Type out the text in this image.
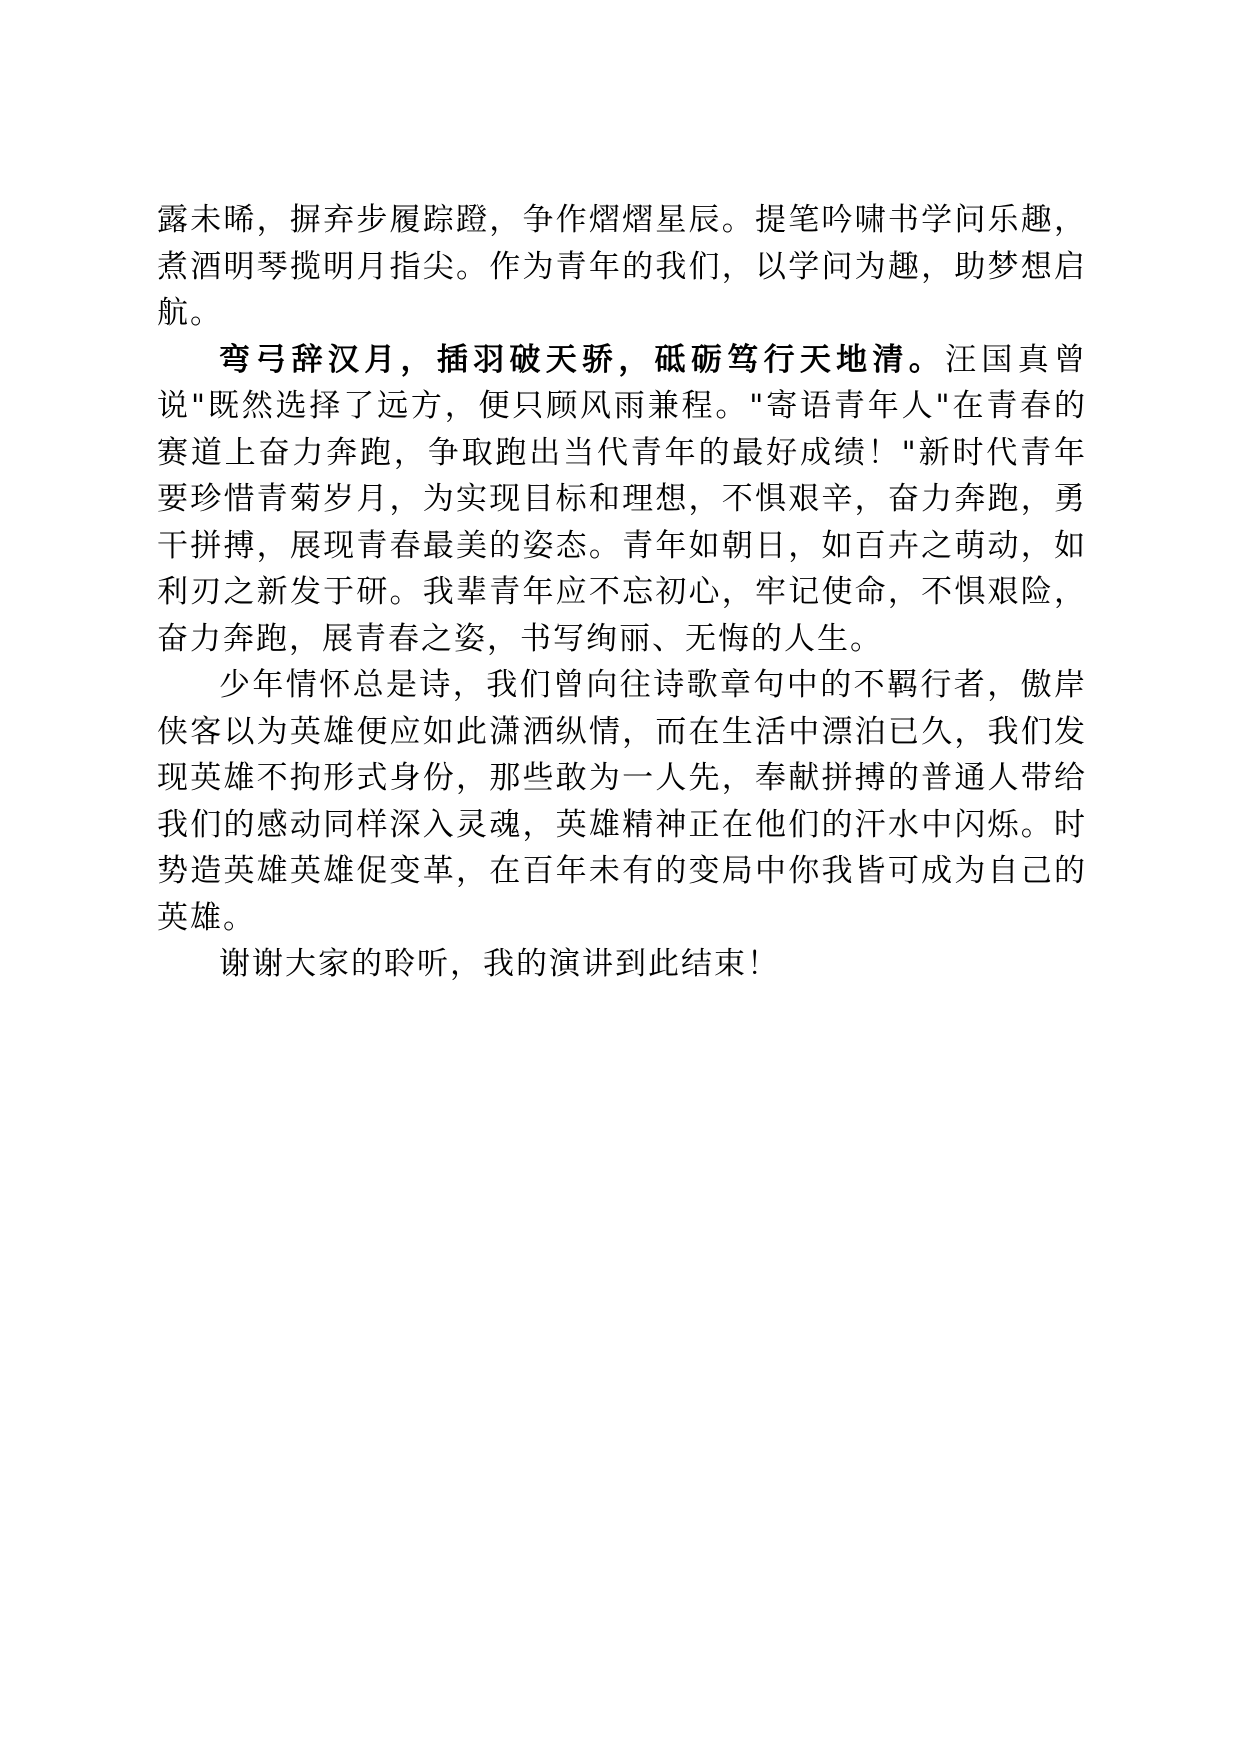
露未晞，摒弃步履踪蹬，争作熠熠星辰。提笔吟啸书学问乐趣，煮酒明琴揽明月指尖。作为青年的我们，以学问为趣，助梦想启航。

弯弓辞汉月，插羽破天骄，砥砺笃行天地清。汪国真曾说"既然选择了远方，便只顾风雨兼程。"寄语青年人"在青春的赛道上奋力奔跑，争取跑出当代青年的最好成绩！"新时代青年要珍惜青菊岁月，为实现目标和理想，不惧艰辛，奋力奔跑，勇干拼搏，展现青春最美的姿态。青年如朝日，如百卉之萌动，如利刃之新发于研。我辈青年应不忘初心，牢记使命，不惧艰险，奋力奔跑，展青春之姿，书写绚丽、无悔的人生。

少年情怀总是诗，我们曾向往诗歌章句中的不羁行者，傲岸侠客以为英雄便应如此潇洒纵情，而在生活中漂泊已久，我们发现英雄不拘形式身份，那些敢为一人先，奉献拼搏的普通人带给我们的感动同样深入灵魂，英雄精神正在他们的汗水中闪烁。时势造英雄英雄促变革，在百年未有的变局中你我皆可成为自己的英雄。

谢谢大家的聆听，我的演讲到此结束！
